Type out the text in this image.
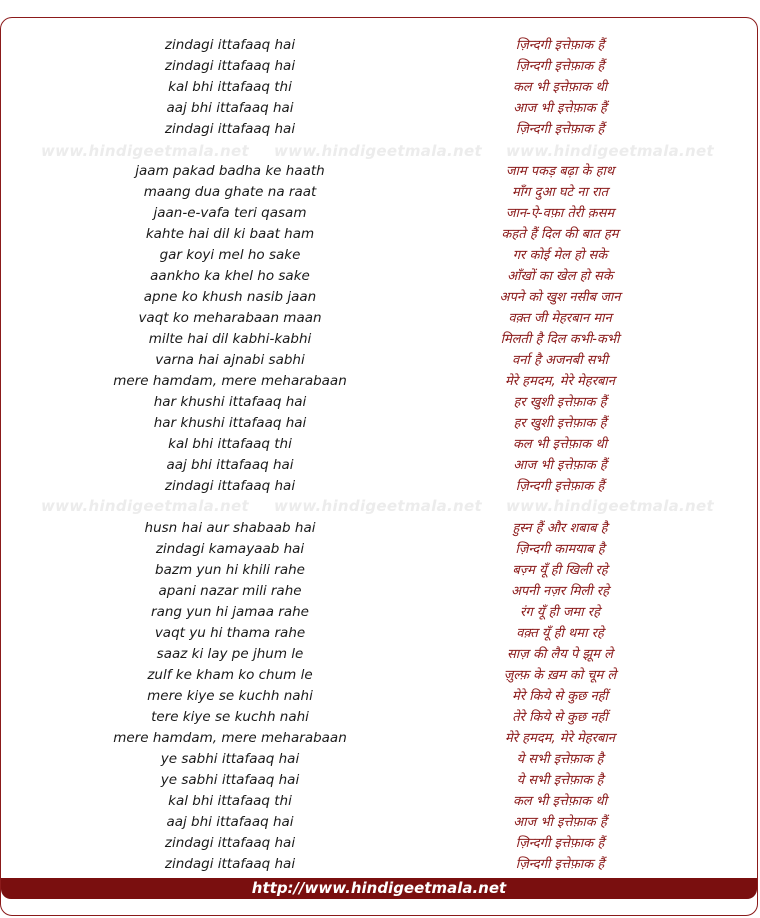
www.hindigeetmala.net	www.hindigeetmala.net	www.hindigeetmala.net
www.hindigeetmala.net	www.hindigeetmala.net	www.hindigeetmala.net
zindagi ittafaaq hai	ज़िन्दगी इत्तेफ़ाक हैं
zindagi ittafaaq hai	ज़िन्दगी इत्तेफ़ाक हैं
kal bhi ittafaaq thi	कल भी इत्तेफ़ाक थी
aaj bhi ittafaaq hai	आज भी इत्तेफ़ाक हैं
zindagi ittafaaq hai	ज़िन्दगी इत्तेफ़ाक हैं
jaam pakad badha ke haath	जाम पकड़ बढ़ा के हाथ
maang dua ghate na raat	माँग दुआ घटे ना रात
jaan-e-vafa teri qasam	जान-ऐ-वफ़ा तेरी क़सम
kahte hai dil ki baat ham	कहते हैं दिल की बात हम
gar koyi mel ho sake	गर कोई मेल हो सके
aankho ka khel ho sake	आँखों का खेल हो सके
apne ko khush nasib jaan	अपने को खुश नसीब जान
vaqt ko meharabaan maan	वक़्त जी मेहरबान मान
milte hai dil kabhi-kabhi	मिलती है दिल कभी-कभी
varna hai ajnabi sabhi	वर्ना है अजनबी सभी
mere hamdam, mere meharabaan	मेरे हमदम, मेरे मेहरबान
har khushi ittafaaq hai	हर खुशी इत्तेफ़ाक हैं
har khushi ittafaaq hai	हर खुशी इत्तेफ़ाक हैं
kal bhi ittafaaq thi	कल भी इत्तेफ़ाक थी
aaj bhi ittafaaq hai	आज भी इत्तेफ़ाक हैं
zindagi ittafaaq hai	ज़िन्दगी इत्तेफ़ाक हैं
husn hai aur shabaab hai	हुस्न हैं और शबाब है
zindagi kamayaab hai	ज़िन्दगी कामयाब है
bazm yun hi khili rahe	बज़्म यूँ ही खिली रहे
apani nazar mili rahe	अपनी नज़र मिली रहे
rang yun hi jamaa rahe	रंग यूँ ही जमा रहे
vaqt yu hi thama rahe	वक़्त यूँ ही थमा रहे
saaz ki lay pe jhum le	साज़ की लैय पे झूम ले
zulf ke kham ko chum le	ज़ुल्फ़ के ख़म को चूम ले
mere kiye se kuchh nahi	मेरे किये से कुछ नहीं
tere kiye se kuchh nahi	तेरे किये से कुछ नहीं
mere hamdam, mere meharabaan	मेरे हमदम, मेरे मेहरबान
ye sabhi ittafaaq hai	ये सभी इत्तेफ़ाक है
ye sabhi ittafaaq hai	ये सभी इत्तेफ़ाक है
kal bhi ittafaaq thi	कल भी इत्तेफ़ाक थी
aaj bhi ittafaaq hai	आज भी इत्तेफ़ाक हैं
zindagi ittafaaq hai	ज़िन्दगी इत्तेफ़ाक हैं
zindagi ittafaaq hai	ज़िन्दगी इत्तेफ़ाक हैं
http://www.hindigeetmala.net
